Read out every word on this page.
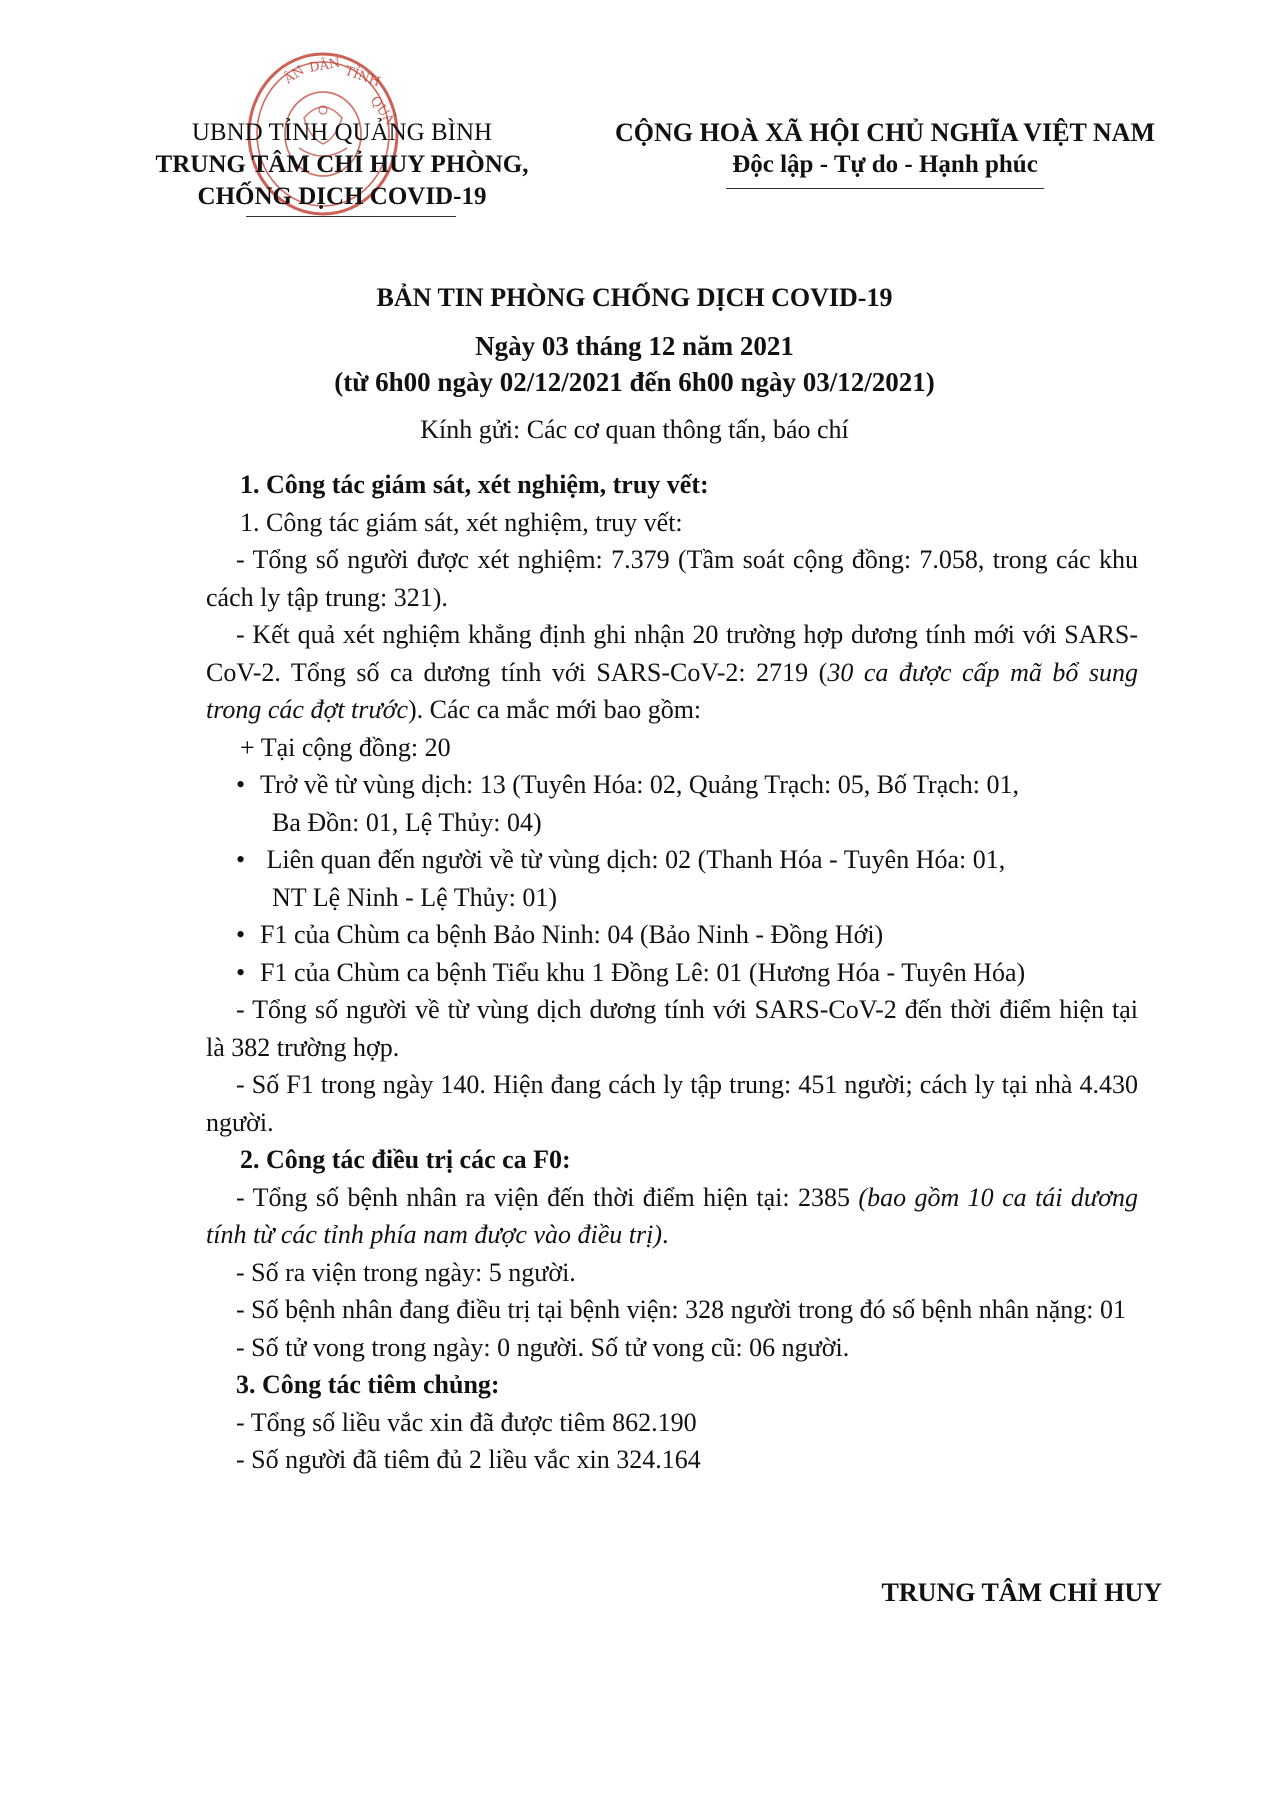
ÂN DÂN TỈNH
QUẢ
UBND TỈNH QUẢNG BÌNH
TRUNG TÂM CHỈ HUY PHÒNG,
CHỐNG DỊCH COVID-19
CỘNG HOÀ XÃ HỘI CHỦ NGHĨA VIỆT NAM
Độc lập - Tự do - Hạnh phúc
BẢN TIN PHÒNG CHỐNG DỊCH COVID-19
Ngày 03 tháng 12 năm 2021
(từ 6h00 ngày 02/12/2021 đến 6h00 ngày 03/12/2021)
Kính gửi: Các cơ quan thông tấn, báo chí

1. Công tác giám sát, xét nghiệm, truy vết:

1. Công tác giám sát, xét nghiệm, truy vết:

- Tổng số người được xét nghiệm: 7.379 (Tầm soát cộng đồng: 7.058, trong các khu cách ly tập trung: 321).

- Kết quả xét nghiệm khẳng định ghi nhận 20 trường hợp dương tính mới với SARS-CoV-2. Tổng số ca dương tính với SARS-CoV-2: 2719 (30 ca được cấp mã bổ sung trong các đợt trước). Các ca mắc mới bao gồm:

+ Tại cộng đồng: 20

• Trở về từ vùng dịch: 13 (Tuyên Hóa: 02, Quảng Trạch: 05, Bố Trạch: 01,
Ba Đồn: 01, Lệ Thủy: 04)

• Liên quan đến người về từ vùng dịch: 02 (Thanh Hóa - Tuyên Hóa: 01,
NT Lệ Ninh - Lệ Thủy: 01)

• F1 của Chùm ca bệnh Bảo Ninh: 04 (Bảo Ninh - Đồng Hới)

• F1 của Chùm ca bệnh Tiểu khu 1 Đồng Lê: 01 (Hương Hóa - Tuyên Hóa)

- Tổng số người về từ vùng dịch dương tính với SARS-CoV-2 đến thời điểm hiện tại là 382 trường hợp.

- Số F1 trong ngày 140. Hiện đang cách ly tập trung: 451 người; cách ly tại nhà 4.430 người.

2. Công tác điều trị các ca F0:

- Tổng số bệnh nhân ra viện đến thời điểm hiện tại: 2385 (bao gồm 10 ca tái dương tính từ các tỉnh phía nam được vào điều trị).

- Số ra viện trong ngày: 5 người.

- Số bệnh nhân đang điều trị tại bệnh viện: 328 người trong đó số bệnh nhân nặng: 01

- Số tử vong trong ngày: 0 người. Số tử vong cũ: 06 người.

3. Công tác tiêm chủng:

- Tổng số liều vắc xin đã được tiêm 862.190

- Số người đã tiêm đủ 2 liều vắc xin 324.164

TRUNG TÂM CHỈ HUY
